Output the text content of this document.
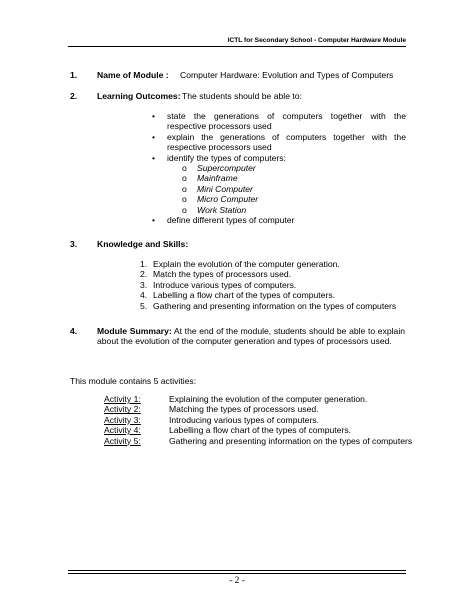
ICTL for Secondary School - Computer Hardware Module
1. Name of Module : Computer Hardware: Evolution and Types of Computers
2. Learning Outcomes: The students should be able to:
• state the generations of computers together with the respective processors used
• explain the generations of computers together with the respective processors used
• identify the types of computers:
o Supercomputer
o Mainframe
o Mini Computer
o Micro Computer
o Work Station
• define different types of computer
3. Knowledge and Skills:
1. Explain the evolution of the computer generation.
2. Match the types of processors used.
3. Introduce various types of computers.
4. Labelling a flow chart of the types of computers.
5. Gathering and presenting information on the types of computers
4. Module Summary: At the end of the module, students should be able to explain about the evolution of the computer generation and types of processors used.
This module contains 5 activities:
Activity 1:	Explaining the evolution of the computer generation.
Activity 2:	Matching the types of processors used.
Activity 3:	Introducing various types of computers.
Activity 4:	Labelling a flow chart of the types of computers.
Activity 5:	Gathering and presenting information on the types of computers
- 2 -
